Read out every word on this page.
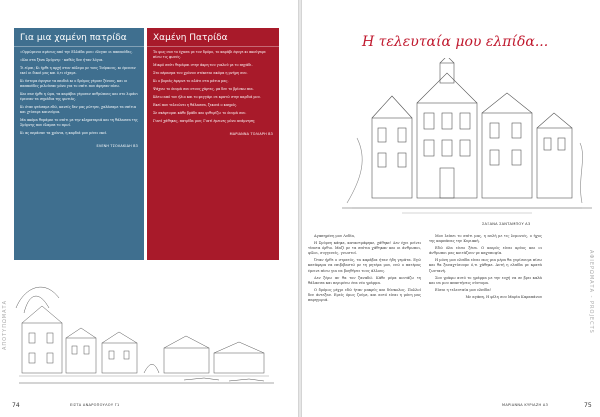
Για μια χαμένη πατρίδα

«Ορμώμενοι αμέσως από την Ελλάδα μου» έλεγαν οι παππούδες.

«Και στα ξένα Σμύρνη» - καθώς δεν ήταν λόγια.

Τι είμαι; Κι ήρθε η αρχή στον πόλεμο με τους Τούρκους, κι έμειναν εκεί οι δικοί μας και ό,τι είχαμε.

Κι ύστερα έφυγαν τα παιδιά κι ο δρόμος γέμισε ξένους, και οι παππούδες μιλούσαν μόνο για το σπίτι που άφησαν πίσω.

Και σαν ήρθε η ώρα, τα καράβια γέμισαν ανθρώπους και στο λιμάνι έμειναν τα σημάδια της φωτιάς.

Κι όταν φτάσαμε εδώ, κανείς δεν μας ρώτησε, χαλάσαμε τα σπίτια και χτίσαμε καινούρια.

Μα ακόμα θυμάμαι το σπίτι με την κληματαριά και τη θάλασσα της Σμύρνης που έλαμπε το πρωί.

Κι ας περάσαν τα χρόνια, η καρδιά μου μένει εκεί.

ΕΛΕΝΗ ΤΣΟΛΑΚΙΔΗ Β3
Χαμένη Πατρίδα

Το φως σου το έχασα με τον δρόμο, το καράβι έφυγε κι ακούγαμε πίσω τις φωνές.

Μικρό σπίτι θυμάμαι στην άκρη του γιαλού με το πηγάδι.

Στο πέρασμα του χρόνου στέκεται ακόμα η μνήμη σου.

Κι ο βοριάς έφερνε το αλάτι στα μάτια μας.

Ψάχνω το όνομά σου στους χάρτες, μα δεν το βρίσκω πια.

Κάτω από τον ήλιο και το φεγγάρι σε κρατώ στην καρδιά μου.

Εκεί που τελειώνει η θάλασσα, ξεκινά ο καημός.

Σε σκέφτομαι κάθε βράδυ και ψιθυρίζω το όνομά σου.

Γιατί χάθηκες, πατρίδα μου; Γιατί έμεινες μόνο ανάμνηση;

ΜΑΡΙΑΝΝΑ ΤΟΛΙΑΡΗ Β3
74	ΕΙΣΤΑ ΑΝΔΡΟΠΟΥΛΟΥ Γ1
ΑΠΟΤΥΠΩΜΑΤΑ
Η τελευταία μου ελπίδα...
ΣΑΞΑΝΑ ΣΑΝΤΑΜΠΟΥ Α3

Αγαπημένη μου Λυδία,

Η Σμύρνη κάηκε, καταστράφηκε, χάθηκε! Δεν έχει μείνει τίποτα όρθιο. Μαζί με τα σπίτια χάθηκαν και οι άνθρωποι, φίλοι, συγγενείς, γνωστοί.

Όταν ήρθε ο στρατός, τα καράβια ήταν ήδη γεμάτα. Εγώ κατάφερα να επιβιβαστώ με τη μητέρα μου, ενώ ο πατέρας έμεινε πίσω για να βοηθήσει τους άλλους.

Δεν ξέρω αν θα τον ξαναδώ. Κάθε μέρα κοιτάζω τη θάλασσα και περιμένω ένα νέο γράμμα.

Ο δρόμος μέχρι εδώ ήταν μακρύς και δύσκολος. Πολλοί δεν άντεξαν. Εμείς όμως ζούμε, και αυτό είναι η μόνη μας παρηγοριά.

Μου λείπει το σπίτι μας, η αυλή με τις λεμονιές, ο ήχος της καμπάνας την Κυριακή.

Εδώ όλα είναι ξένα. Ο καιρός είναι κρύος και οι άνθρωποι μας κοιτάζουν με καχυποψία.

Η μόνη μου ελπίδα είναι πως μια μέρα θα γυρίσουμε πίσω και θα ξαναχτίσουμε ό,τι χάθηκε. Αυτή η ελπίδα με κρατά ζωντανή.

Σου γράφω αυτό το γράμμα με την ευχή να σε βρει καλά και να μου απαντήσεις σύντομα.

Είσαι η τελευταία μου ελπίδα!

Με αγάπη, Η φίλη σου Μαρία Καραπάνου
ΜΑΡΙΑΝΝΑ ΚΥΡΙΑΖΗ Α3	75
ΑΦΙΕΡΩΜΑΤΑ - PROJECTS
